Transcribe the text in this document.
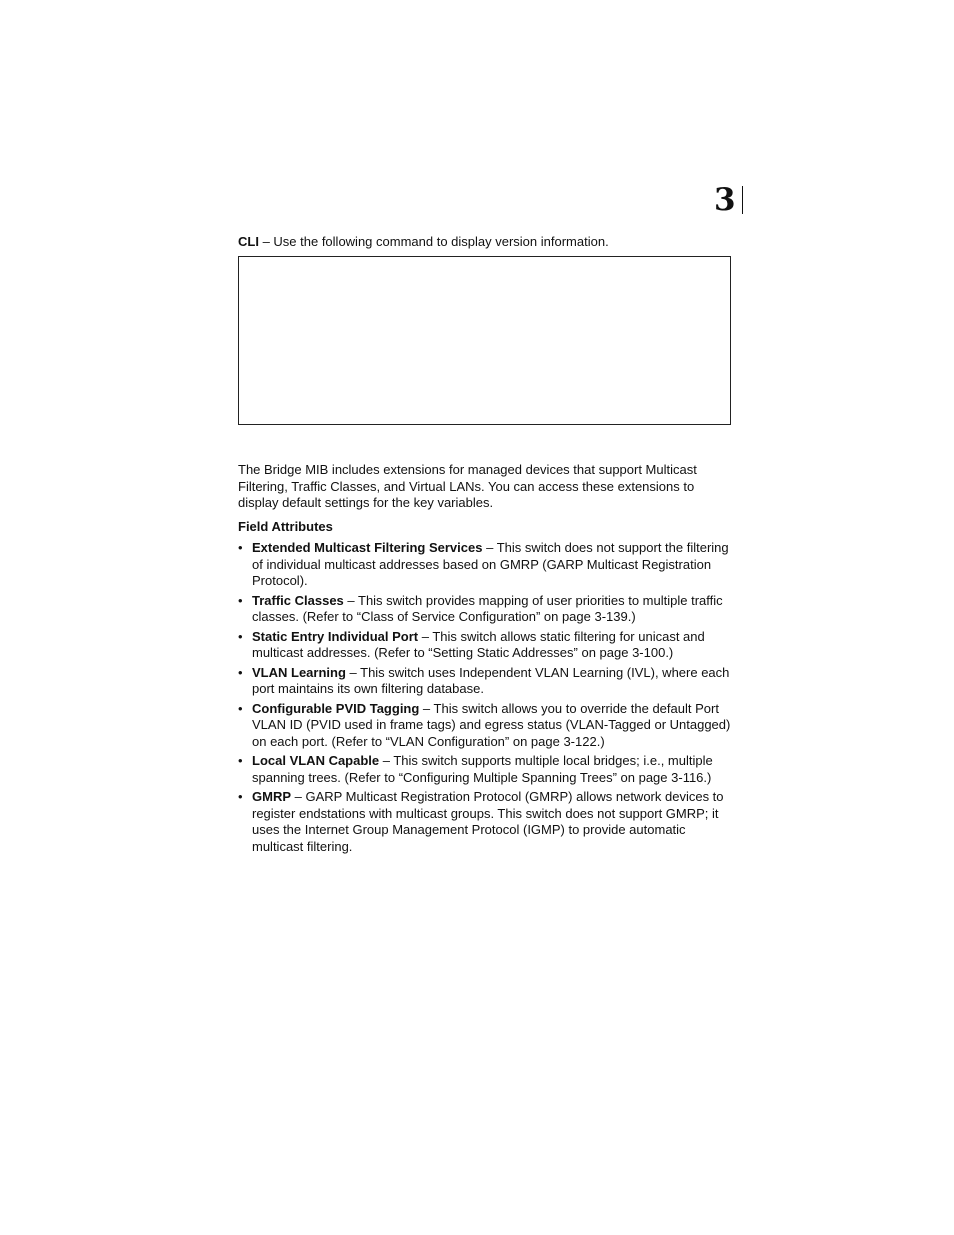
3
CLI – Use the following command to display version information.
The Bridge MIB includes extensions for managed devices that support Multicast Filtering, Traffic Classes, and Virtual LANs. You can access these extensions to display default settings for the key variables.
Field Attributes
• Extended Multicast Filtering Services – This switch does not support the filtering of individual multicast addresses based on GMRP (GARP Multicast Registration Protocol).
• Traffic Classes – This switch provides mapping of user priorities to multiple traffic classes. (Refer to “Class of Service Configuration” on page 3-139.)
• Static Entry Individual Port – This switch allows static filtering for unicast and multicast addresses. (Refer to “Setting Static Addresses” on page 3-100.)
• VLAN Learning – This switch uses Independent VLAN Learning (IVL), where each port maintains its own filtering database.
• Configurable PVID Tagging – This switch allows you to override the default Port VLAN ID (PVID used in frame tags) and egress status (VLAN-Tagged or Untagged) on each port. (Refer to “VLAN Configuration” on page 3-122.)
• Local VLAN Capable – This switch supports multiple local bridges; i.e., multiple spanning trees. (Refer to “Configuring Multiple Spanning Trees” on page 3-116.)
• GMRP – GARP Multicast Registration Protocol (GMRP) allows network devices to register endstations with multicast groups. This switch does not support GMRP; it uses the Internet Group Management Protocol (IGMP) to provide automatic multicast filtering.
